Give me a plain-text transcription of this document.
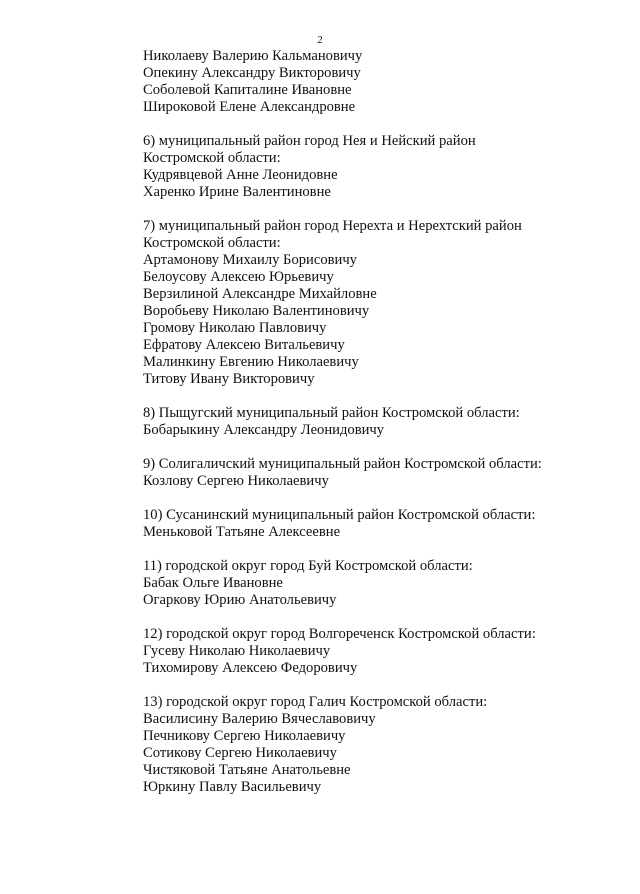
2
Николаеву Валерию Кальмановичу
Опекину Александру Викторовичу
Соболевой Капиталине Ивановне
Широковой Елене Александровне
6) муниципальный район город Нея и Нейский район
Костромской области:
Кудрявцевой Анне Леонидовне
Харенко Ирине Валентиновне
7) муниципальный район город Нерехта и Нерехтский район
Костромской области:
Артамонову Михаилу Борисовичу
Белоусову Алексею Юрьевичу
Верзилиной Александре Михайловне
Воробьеву Николаю Валентиновичу
Громову Николаю Павловичу
Ефратову Алексею Витальевичу
Малинкину Евгению Николаевичу
Титову Ивану Викторовичу
8) Пыщугский муниципальный район Костромской области:
Бобарыкину Александру Леонидовичу
9) Солигаличский муниципальный район Костромской области:
Козлову Сергею Николаевичу
10) Сусанинский муниципальный район Костромской области:
Меньковой Татьяне Алексеевне
11) городской округ город Буй Костромской области:
Бабак Ольге Ивановне
Огаркову Юрию Анатольевичу
12) городской округ город Волгореченск Костромской области:
Гусеву Николаю Николаевичу
Тихомирову Алексею Федоровичу
13) городской округ город Галич Костромской области:
Василисину Валерию Вячеславовичу
Печникову Сергею Николаевичу
Сотикову Сергею Николаевичу
Чистяковой Татьяне Анатольевне
Юркину Павлу Васильевичу
